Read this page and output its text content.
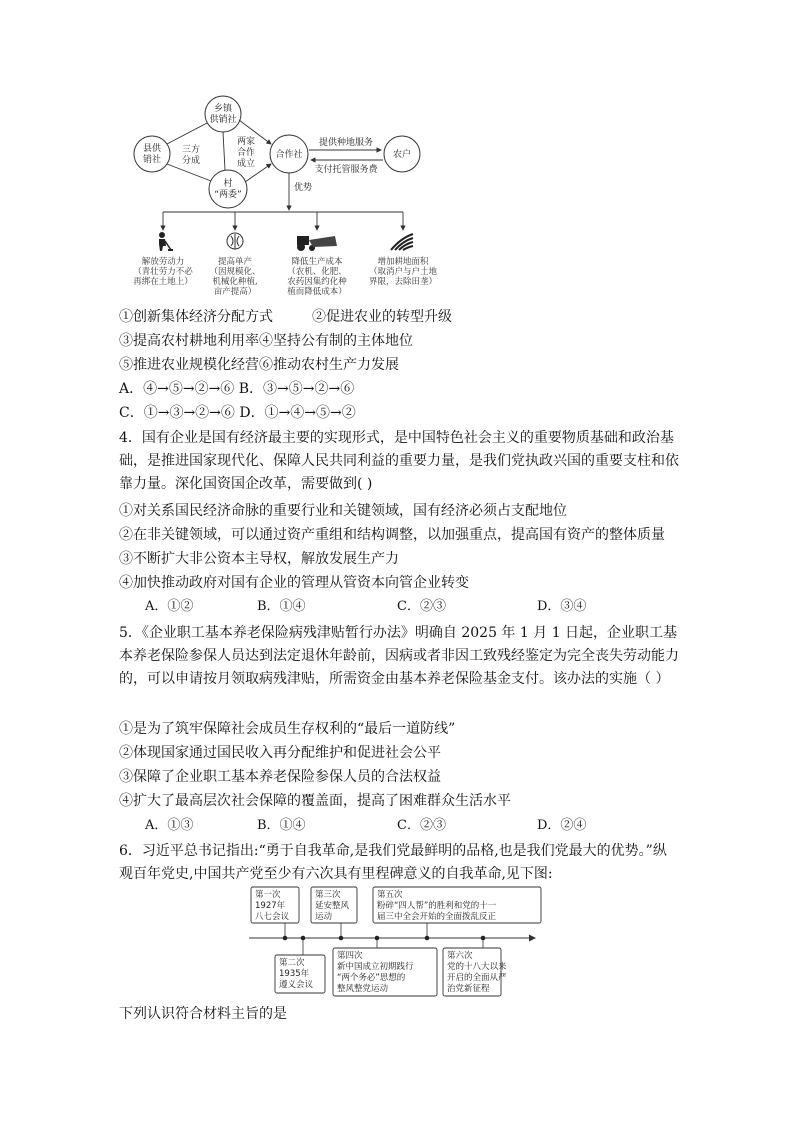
乡镇
供销社
县供
销社	合作社
村
“两委”
农户
三方
分成
两家
合作
成立
提供种地服务
支付托管服务费
优势
解放劳动力
（青壮劳力不必
再绑在土地上）
提高单产
（因规模化、
机械化种植,
亩产提高）
降低生产成本
（农机、化肥、
农药因集约化种
植而降低成本）
增加耕地面积
（取消户与户土地
界限，去除田垄）
①创新集体经济分配方式	②促进农业的转型升级
③提高农村耕地利用率④坚持公有制的主体地位
⑤推进农业规模化经营⑥推动农村生产力发展
A．④→⑤→②→⑥ B．③→⑤→②→⑥
C．①→③→②→⑥ D．①→④→⑤→②
4．国有企业是国有经济最主要的实现形式，是中国特色社会主义的重要物质基础和政治基础，是推进国家现代化、保障人民共同利益的重要力量，是我们党执政兴国的重要支柱和依靠力量。深化国资国企改革，需要做到( )
①对关系国民经济命脉的重要行业和关键领域，国有经济必须占支配地位
②在非关键领域，可以通过资产重组和结构调整，以加强重点，提高国有资产的整体质量
③不断扩大非公资本主导权，解放发展生产力
④加快推动政府对国有企业的管理从管资本向管企业转变
A．①②	B．①④	C．②③	D．③④
5．《企业职工基本养老保险病残津贴暂行办法》明确自 2025 年 1 月 1 日起，企业职工基本养老保险参保人员达到法定退休年龄前，因病或者非因工致残经鉴定为完全丧失劳动能力的，可以申请按月领取病残津贴，所需资金由基本养老保险基金支付。该办法的实施（ ）
①是为了筑牢保障社会成员生存权利的“最后一道防线”
②体现国家通过国民收入再分配维护和促进社会公平
③保障了企业职工基本养老保险参保人员的合法权益
④扩大了最高层次社会保障的覆盖面，提高了困难群众生活水平
A．①③	B．①④	C．②③	D．②④
6．习近平总书记指出:“勇于自我革命,是我们党最鲜明的品格,也是我们党最大的优势。”纵观百年党史,中国共产党至少有六次具有里程碑意义的自我革命,见下图:
第一次
1927年
八七会议
第三次
延安整风
运动
第五次
粉碎“四人帮”的胜利和党的十一
届三中全会开始的全面拨乱反正
第二次
1935年
遵义会议
第四次
新中国成立初期践行
“两个务必”思想的
整风整党运动
第六次
党的十八大以来
开启的全面从严
治党新征程
下列认识符合材料主旨的是
